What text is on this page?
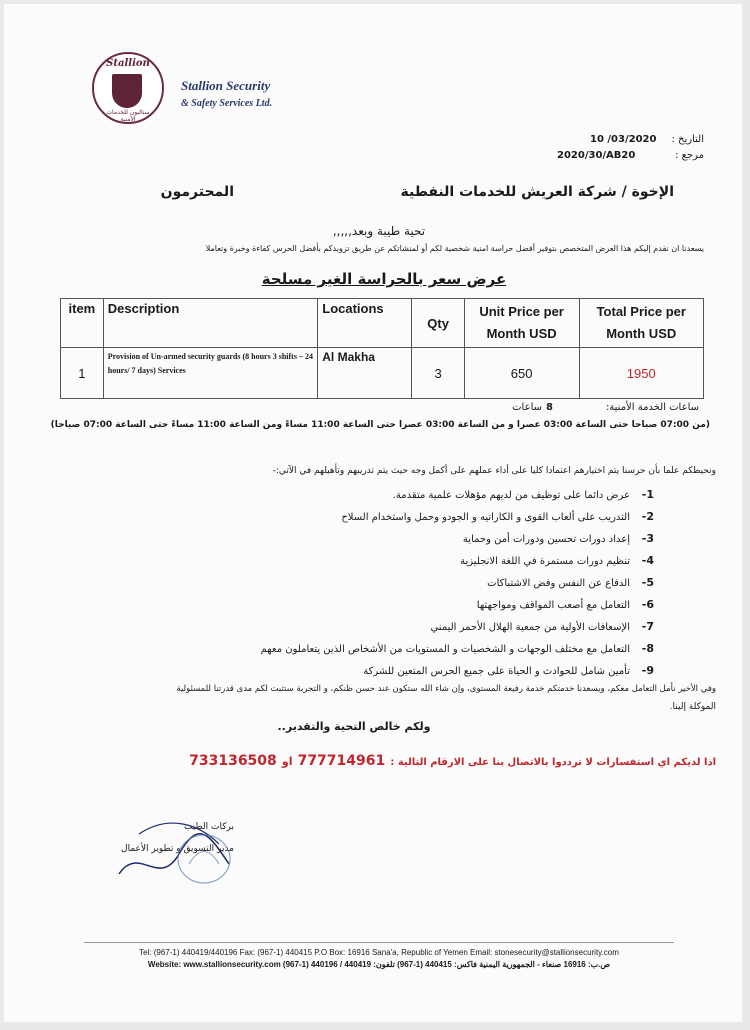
Stallion
ستاليون للخدمات الأمنية
Stallion Security
& Safety Services Ltd.
10 /03/2020	التاريخ :
2020/30/AB20	مرجع :
الإخوة / شركة العريش للخدمات النفطية
المحترمون
تحية طيبة وبعد,,,,,
يسعدنا ان نقدم إليكم هذا العرض المتخصص بتوفير أفضل حراسة امنية شخصية لكم أو لمنشاتكم عن طريق تزويدكم بأفضل الحرس كفاءة وخبرة وتعاملا
عرض سعر بالحراسة الغير مسلحة
item	Description	Locations	Qty	Unit Price per Month USD	Total Price per Month USD
1	Provision of Un-armed security guards (8 hours 3 shifts – 24 hours/ 7 days) Services	Al Makha	3	650	1950
ساعات الخدمة الأمنية:
8
ساعات
(من 07:00 صباحا حتى الساعة 03:00 عصرا و من الساعة 03:00 عصرا حتى الساعة 11:00 مساءً ومن الساعة 11:00 مساءً حتى الساعة 07:00 صباحا)
ونحيطكم علما بأن حرسنا يتم اختيارهم اعتمادا كليا على أداء عملهم على أكمل وجه حيث يتم تدريبهم وتأهيلهم في الآتي:-
-1
عرض دائما على توظيف من لديهم مؤهلات علمية متقدمة.
-2
التدريب على ألعاب القوى و الكاراتيه و الجودو وحمل واستخدام السلاح
-3
إعداد دورات تحسين ودورات أمن وحماية
-4
تنظيم دورات مستمرة في اللغة الانجليزية
-5
الدفاع عن النفس وفض الاشتباكات
-6
التعامل مع أصعب المواقف ومواجهتها
-7
الإسعافات الأولية من جمعية الهلال الأحمر اليمني
-8
التعامل مع مختلف الوجهات و الشخصيات و المستويات من الأشخاص الذين يتعاملون معهم
-9
تأمين شامل للحوادث و الحياة على جميع الحرس المتعين للشركة
وفي الأخير نأمل التعامل معكم، ويسعدنا خدمتكم خدمة رفيعة المستوى، وإن شاء الله ستكون عند حسن ظنكم، و التجربة ستثبت لكم مدى قدرتنا للمسئولية
الموكلة إلينا.
ولكم خالص التحية والتقدير..
اذا لديكم اي استفسارات لا ترددوا بالاتصال بنا على الارقام التالية : 777714961 او 733136508
بركات الطيب
مدير التسويق و تطوير الأعمال
Tel: (967-1) 440419/440196 Fax: (967-1) 440415 P.O Box: 16916 Sana'a, Republic of Yemen Email: stonesecurity@stallionsecurity.com
Website: www.stallionsecurity.com ص.ب: 16916 صنعاء - الجمهورية اليمنية فاكس: 440415 (1-967) تلفون: 440419 / 440196 (1-967)
